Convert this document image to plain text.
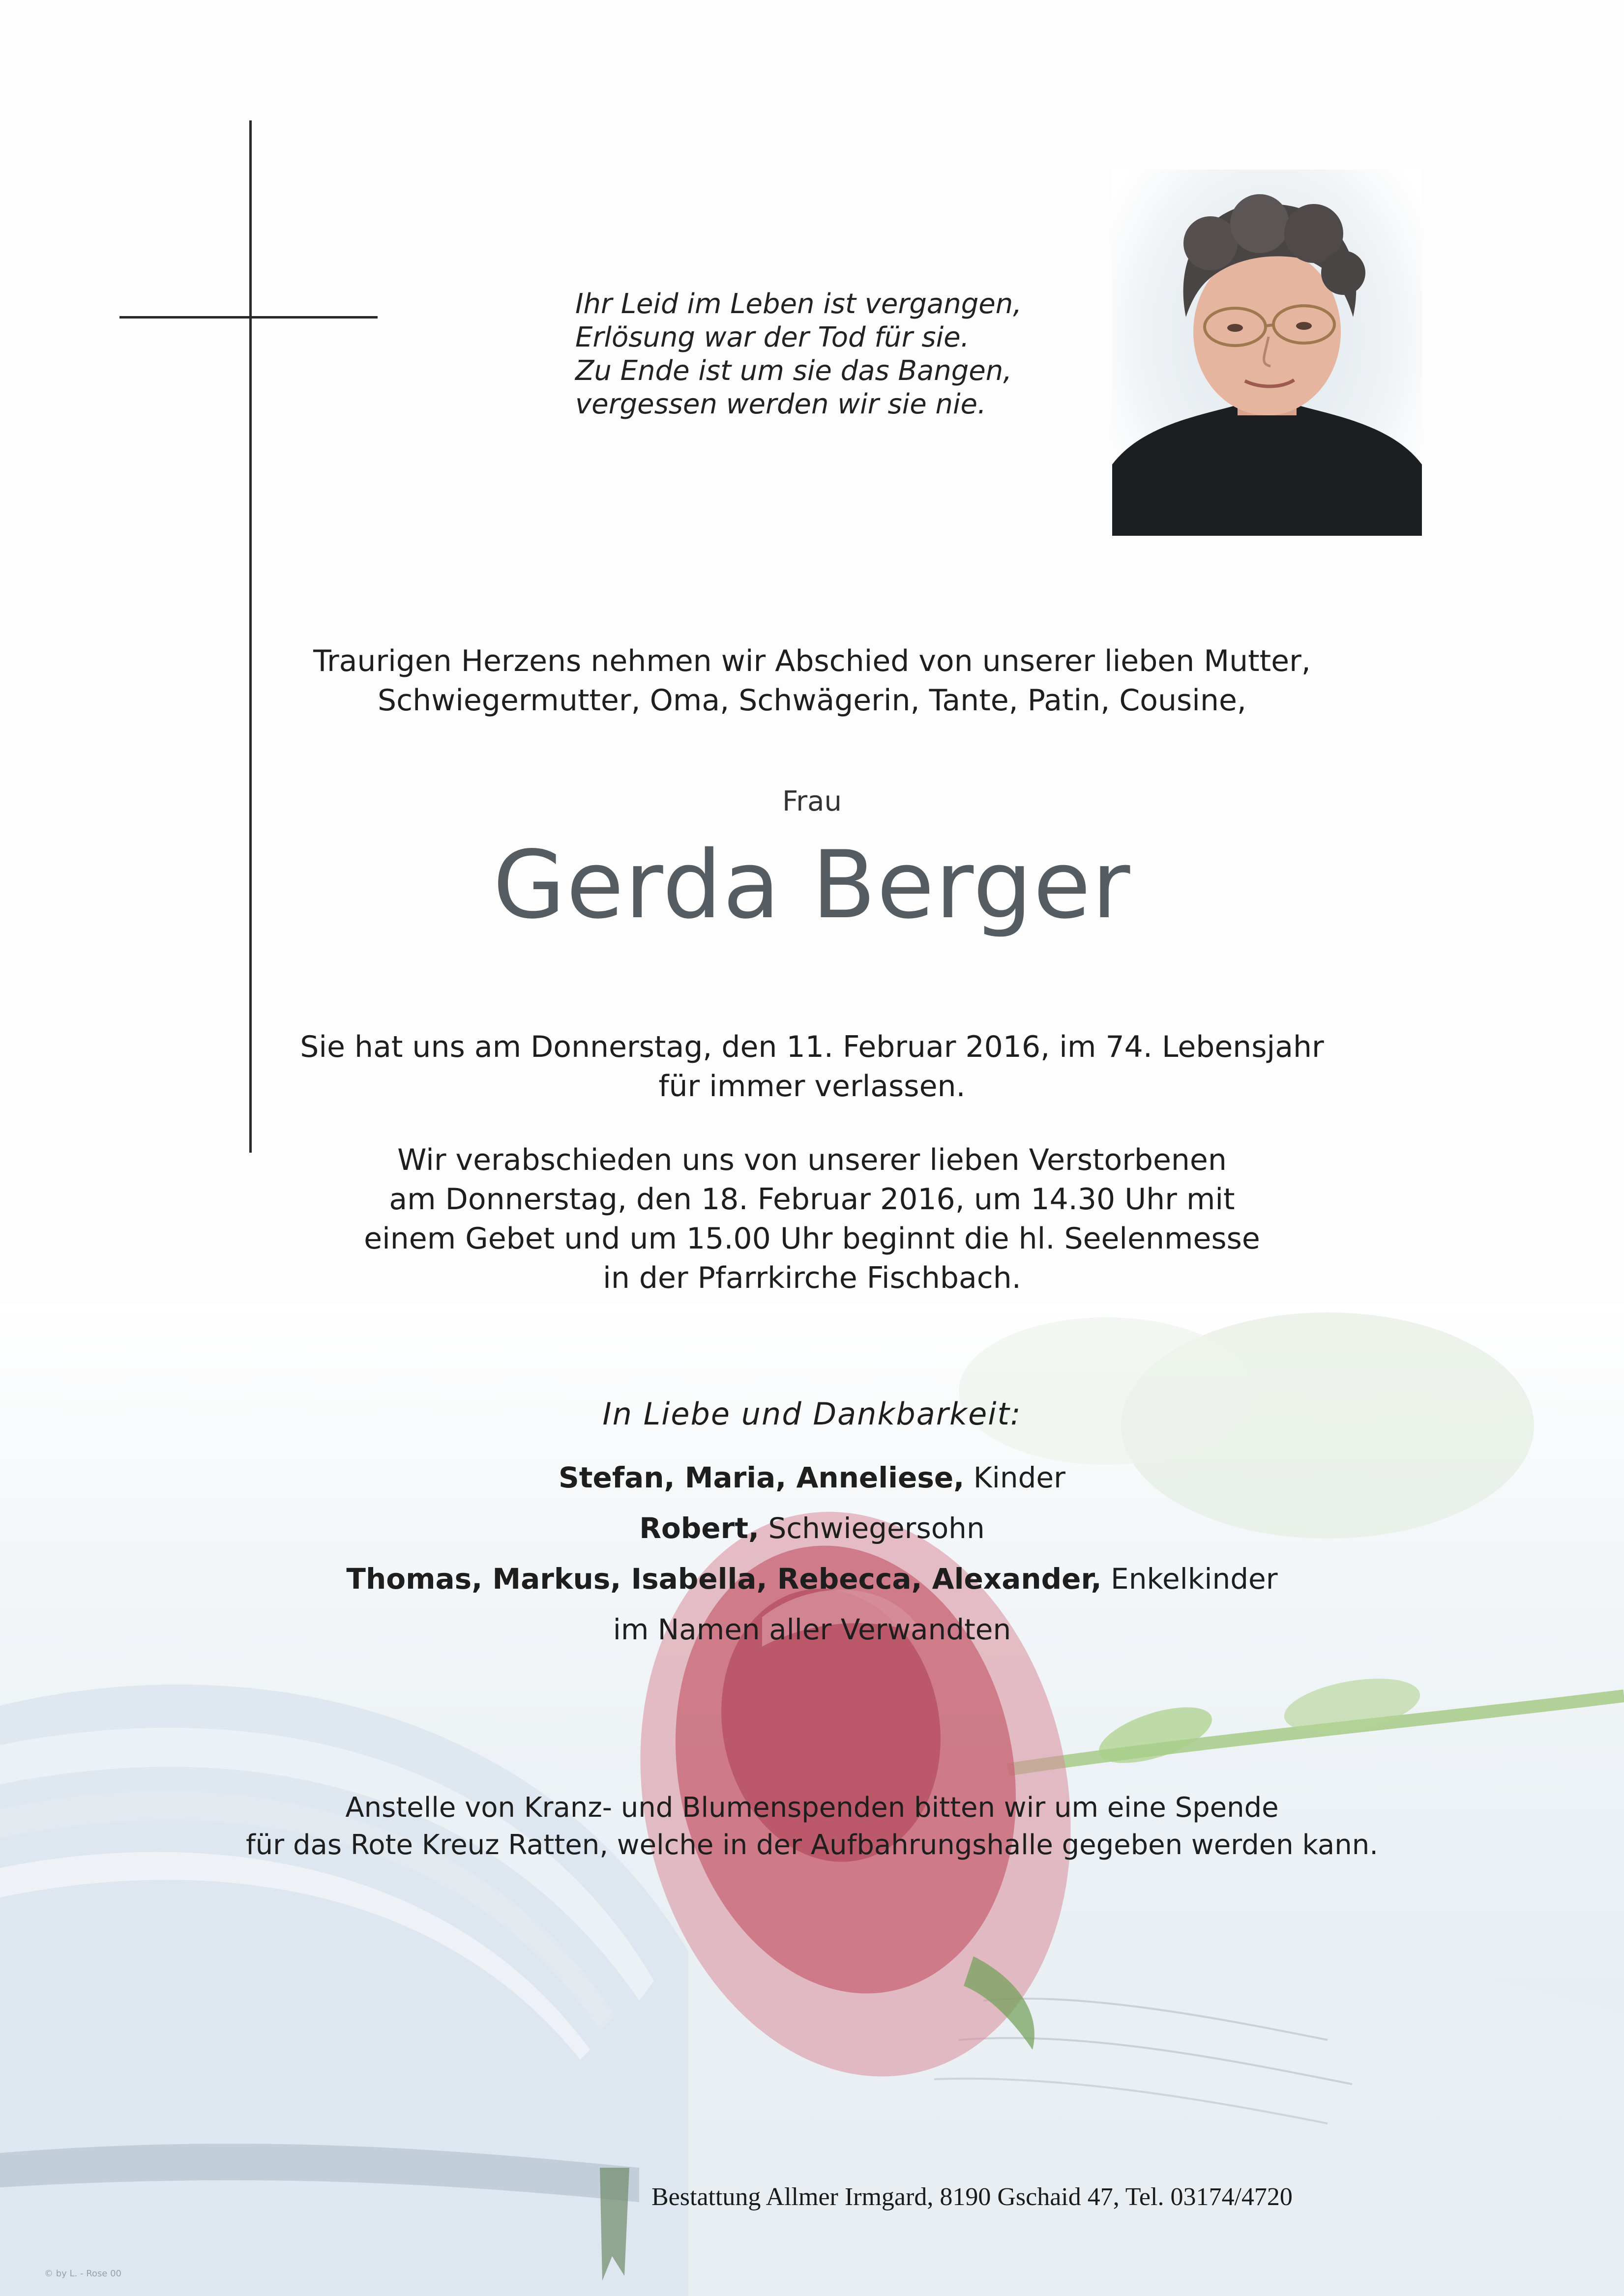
Ihr Leid im Leben ist vergangen,
Erlösung war der Tod für sie.
Zu Ende ist um sie das Bangen,
vergessen werden wir sie nie.
Traurigen Herzens nehmen wir Abschied von unserer lieben Mutter,
Schwiegermutter, Oma, Schwägerin, Tante, Patin, Cousine,
Frau
Gerda Berger
Sie hat uns am Donnerstag, den 11. Februar 2016, im 74. Lebensjahr
für immer verlassen.
Wir verabschieden uns von unserer lieben Verstorbenen
am Donnerstag, den 18. Februar 2016, um 14.30 Uhr mit
einem Gebet und um 15.00 Uhr beginnt die hl. Seelenmesse
in der Pfarrkirche Fischbach.
In Liebe und Dankbarkeit:
Stefan, Maria, Anneliese, Kinder
Robert, Schwiegersohn
Thomas, Markus, Isabella, Rebecca, Alexander, Enkelkinder
im Namen aller Verwandten
Anstelle von Kranz- und Blumenspenden bitten wir um eine Spende
für das Rote Kreuz Ratten, welche in der Aufbahrungshalle gegeben werden kann.
Bestattung Allmer Irmgard, 8190 Gschaid 47, Tel. 03174/4720
© by L. - Rose 00
